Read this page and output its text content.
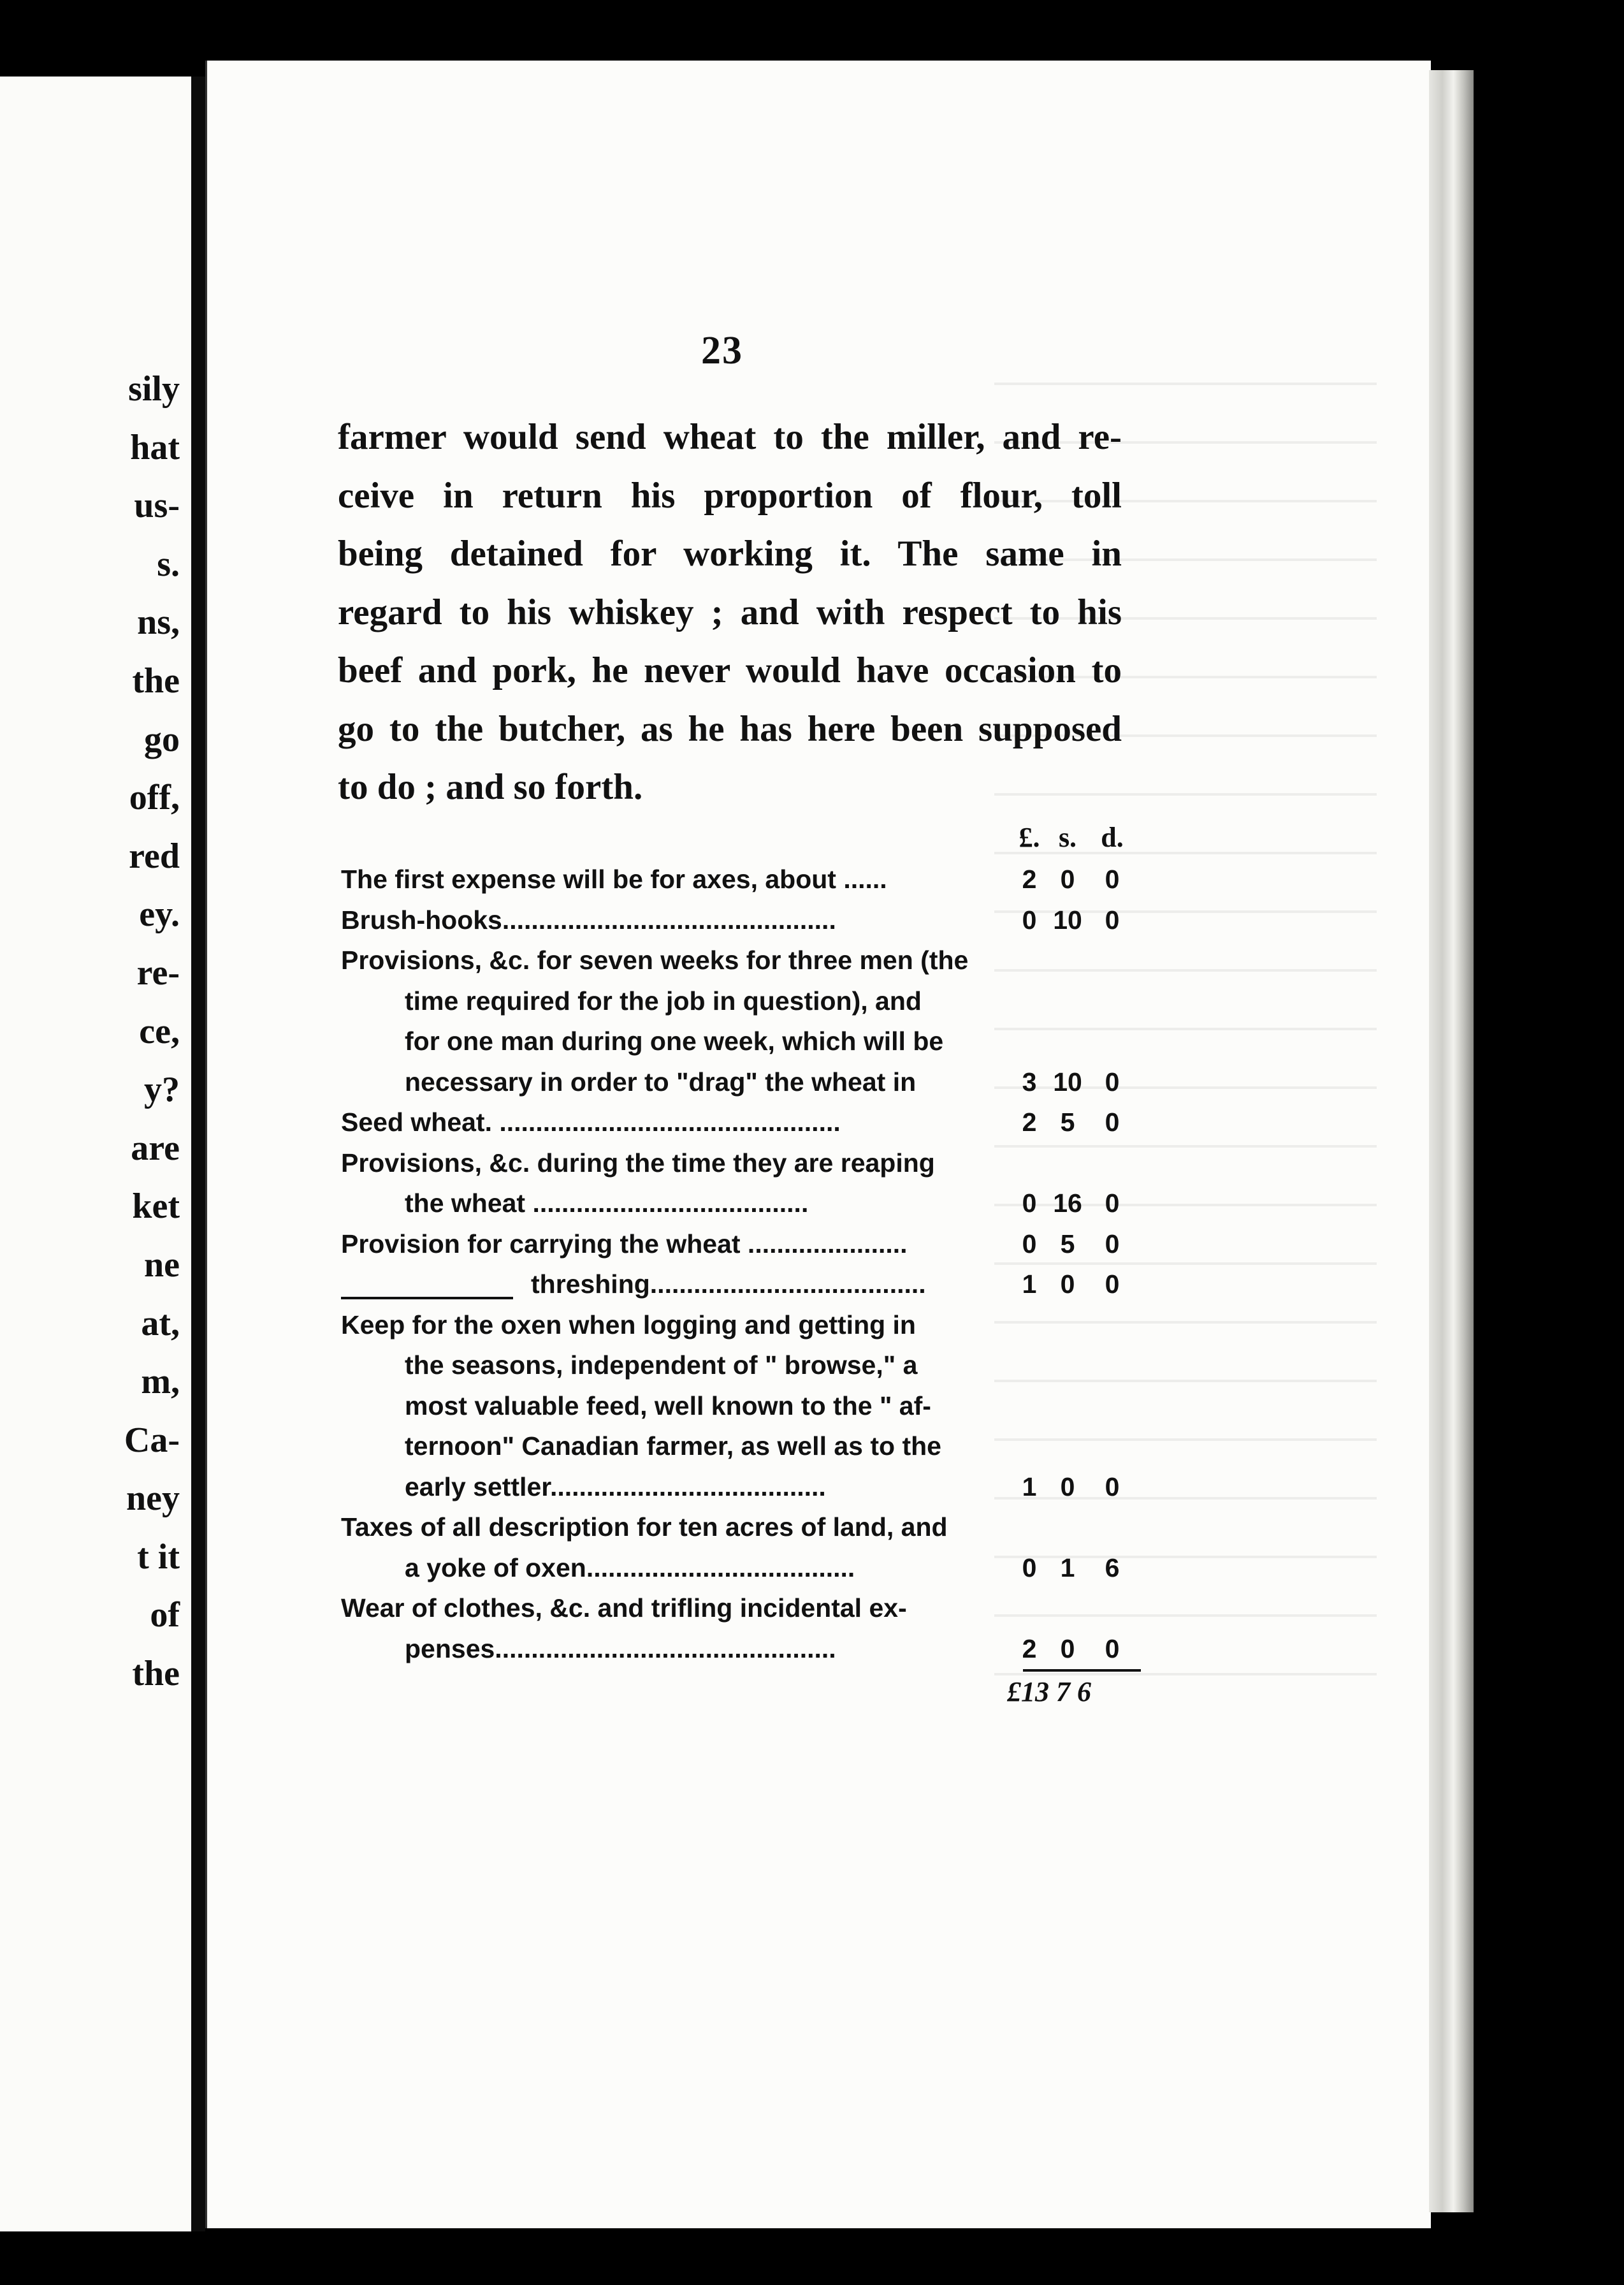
sily
hat
us-
s.
ns,
the
go
off,
red
ey.
re-
ce,
y?
are
ket
ne
at,
m,
Ca-
ney
t it
of
the
23
farmer would send wheat to the miller, and re-
ceive in return his proportion of flour, toll
being detained for working it. The same in
regard to his whiskey ; and with respect to his
beef and pork, he never would have occasion to
go to the butcher, as he has here been supposed
to do ; and so forth.
£. s. d.
The first expense will be for axes, about ......	2 0	0
Brush-hooks..............................................	0 10 0
Provisions, &c. for seven weeks for three men (the
time required for the job in question), and
for one man during one week, which will be
necessary in order to "drag" the wheat in	3 10 0
Seed wheat. ...............................................	2 5	0
Provisions, &c. during the time they are reaping
the wheat ......................................	0 16 0
Provision for carrying the wheat ......................	0 5	0
threshing......................................	1 0	0
Keep for the oxen when logging and getting in
the seasons, independent of " browse," a
most valuable feed, well known to the " af-
ternoon" Canadian farmer, as well as to the
early settler......................................	1 0	0
Taxes of all description for ten acres of land, and
a yoke of oxen.....................................	0 1	6
Wear of clothes, &c. and trifling incidental ex-
penses...............................................	2 0	0
£13 7 6
